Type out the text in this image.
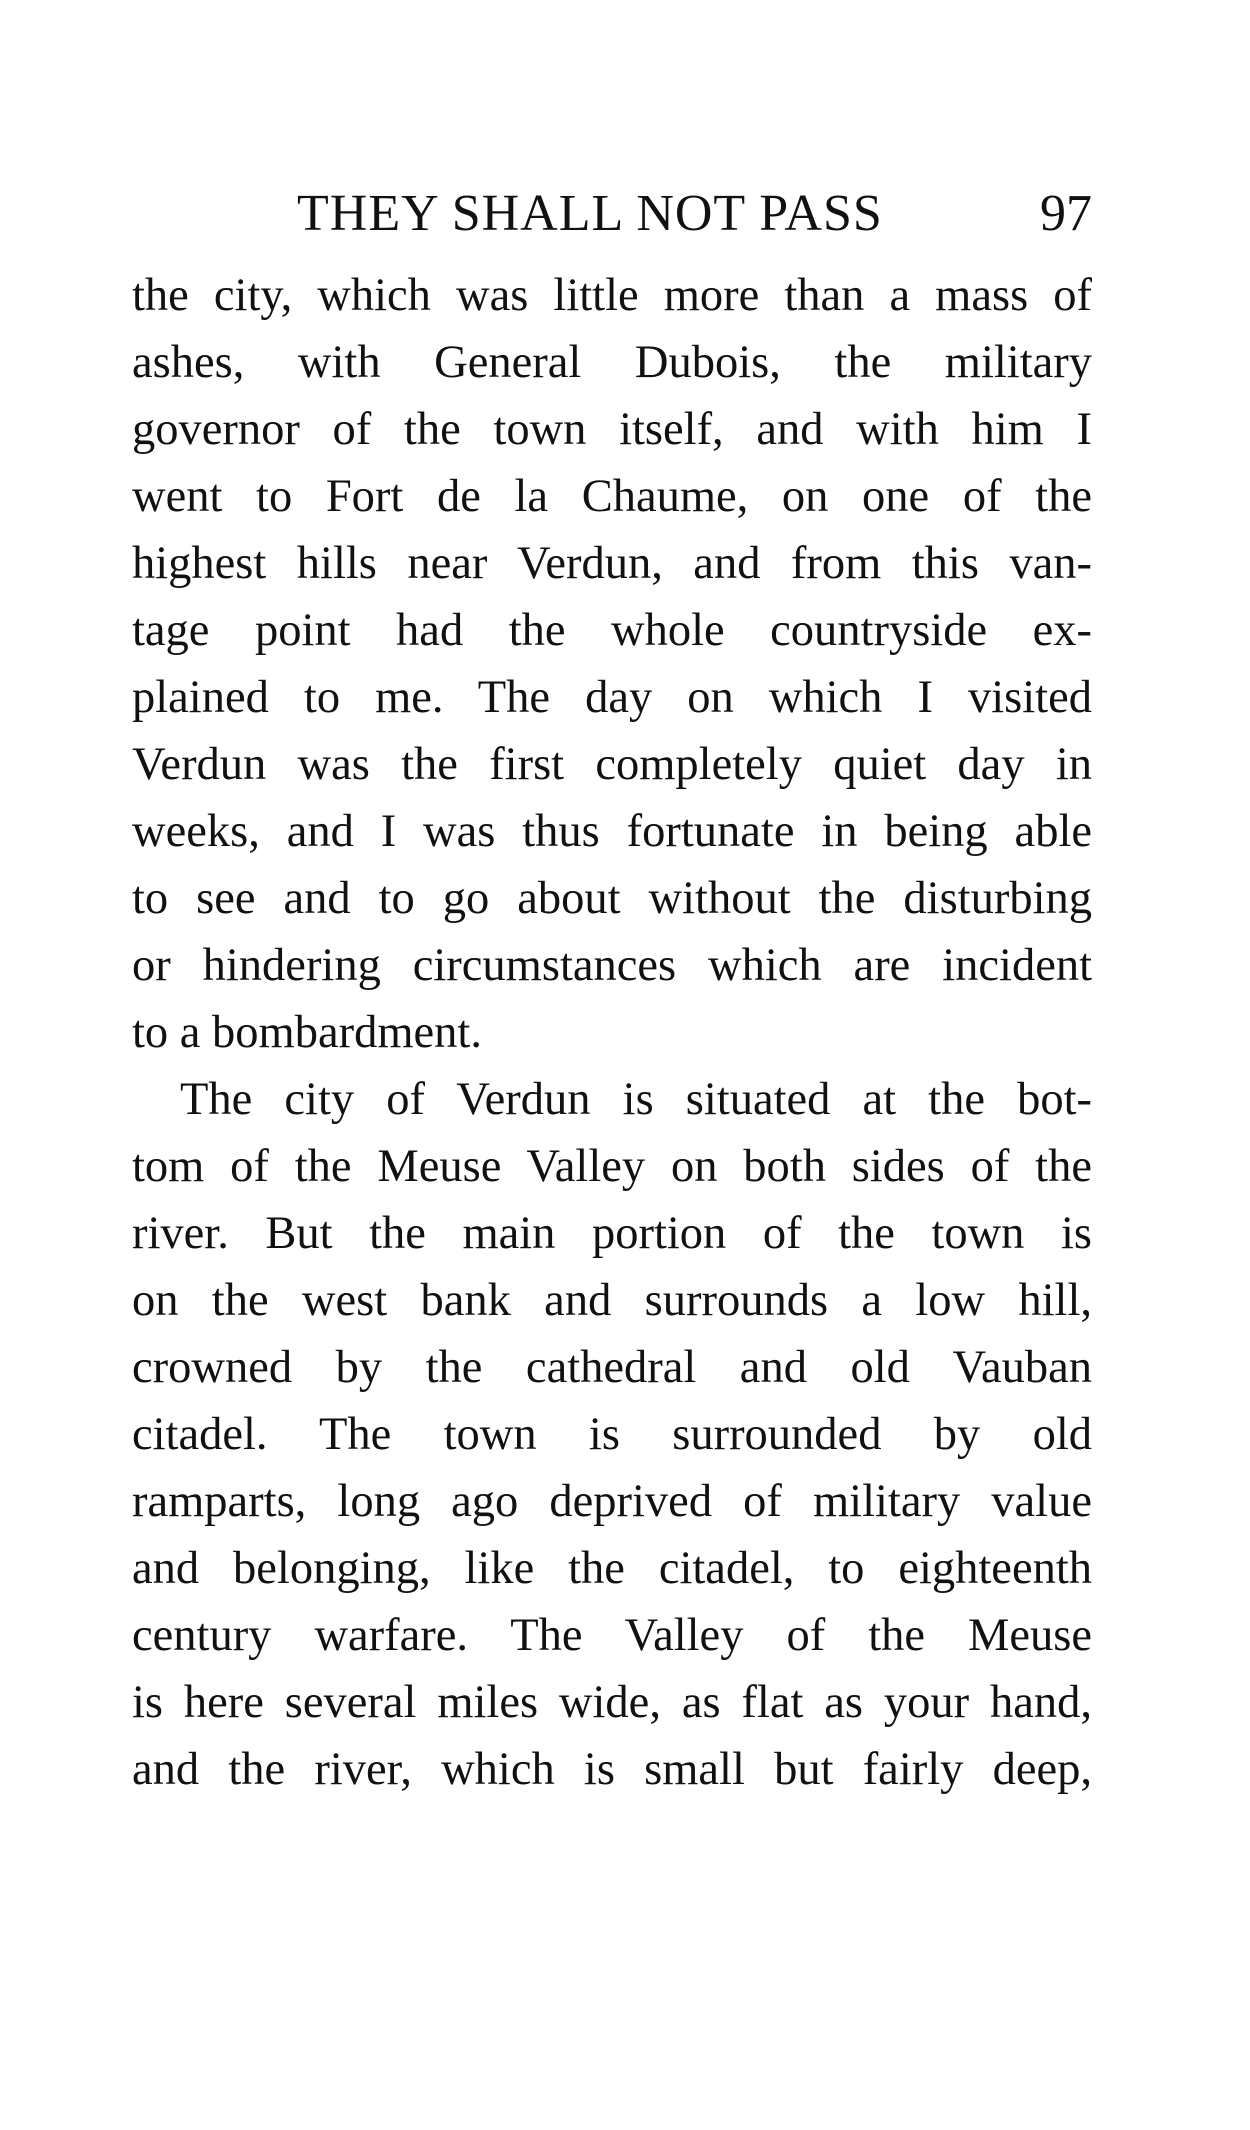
THEY SHALL NOT PASS	97
the city, which was little more than a mass of
ashes, with General Dubois, the military
governor of the town itself, and with him I
went to Fort de la Chaume, on one of the
highest hills near Verdun, and from this van-
tage point had the whole countryside ex-
plained to me. The day on which I visited
Verdun was the first completely quiet day in
weeks, and I was thus fortunate in being able
to see and to go about without the disturbing
or hindering circumstances which are incident
to a bombardment.
The city of Verdun is situated at the bot-
tom of the Meuse Valley on both sides of the
river. But the main portion of the town is
on the west bank and surrounds a low hill,
crowned by the cathedral and old Vauban
citadel. The town is surrounded by old
ramparts, long ago deprived of military value
and belonging, like the citadel, to eighteenth
century warfare. The Valley of the Meuse
is here several miles wide, as flat as your hand,
and the river, which is small but fairly deep,
